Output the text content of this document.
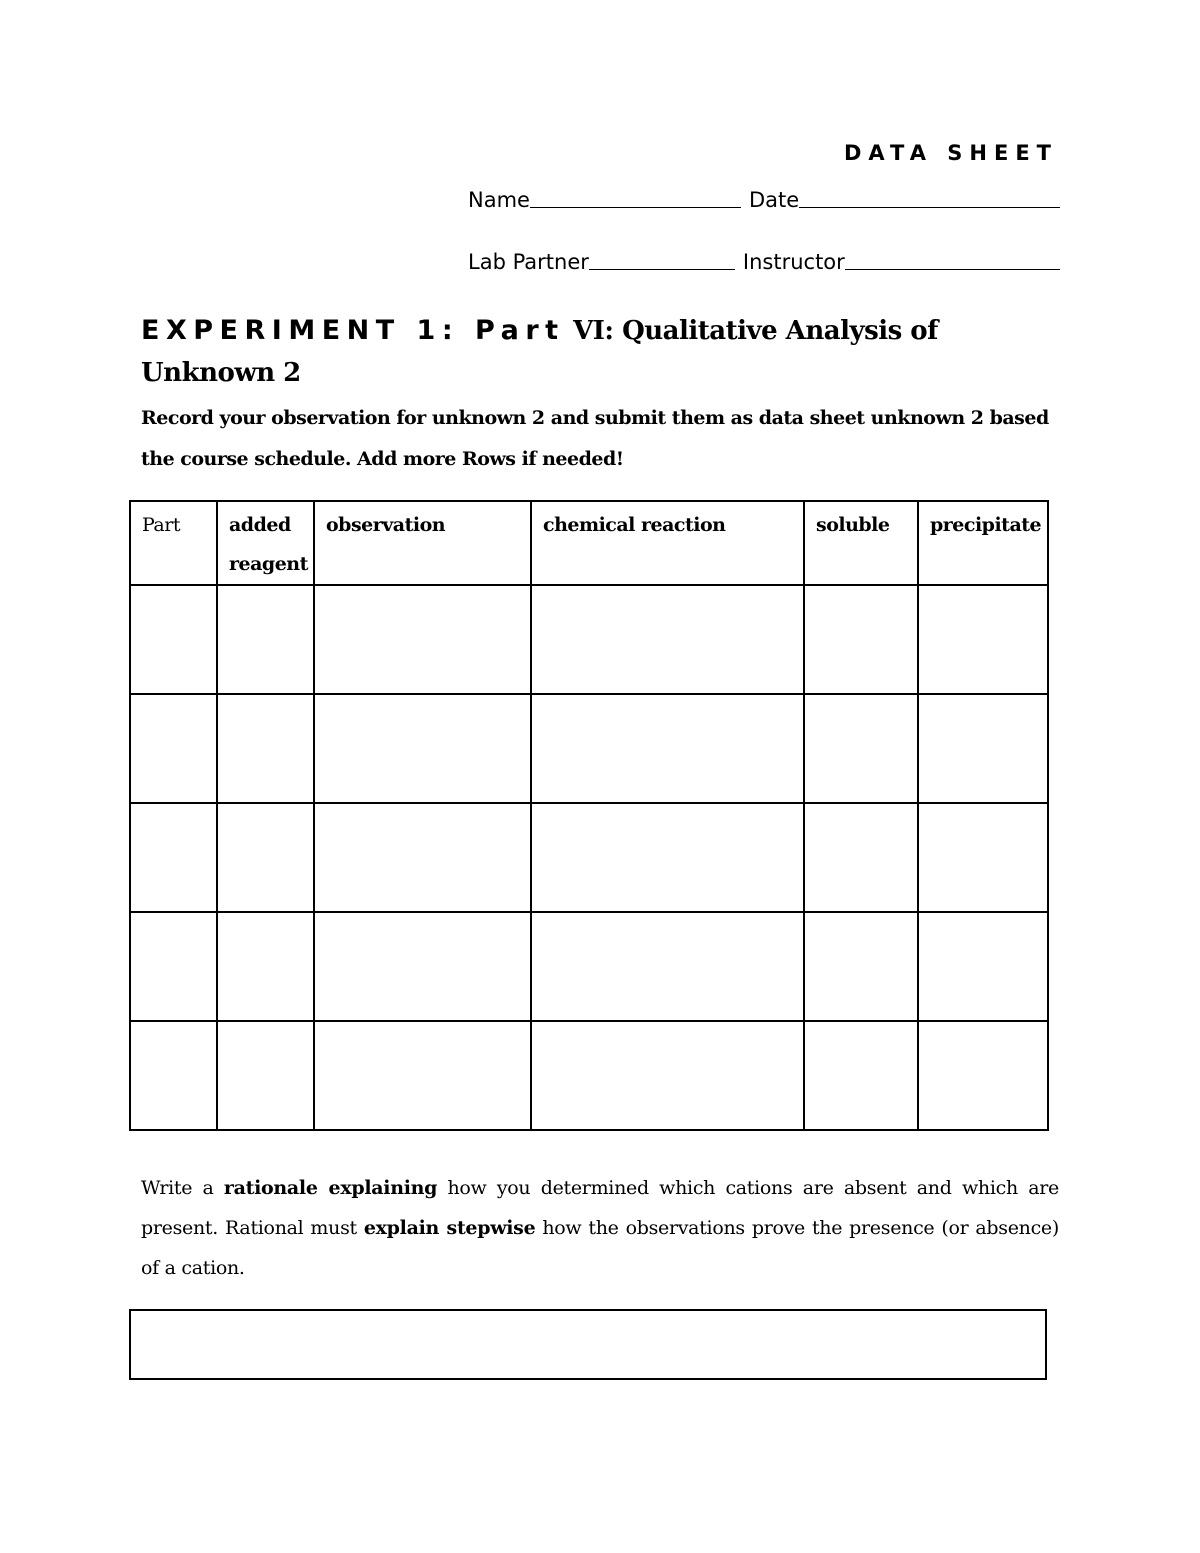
DATA SHEET
Name	Date
Lab Partner	Instructor
EXPERIMENT 1: Part VI: Qualitative Analysis of Unknown 2
Record your observation for unknown 2 and submit them as data sheet unknown 2 based the course schedule. Add more Rows if needed!
Part	added reagent	observation	chemical reaction	soluble	precipitate

Write a rationale explaining how you determined which cations are absent and which are present. Rational must explain stepwise how the observations prove the presence (or absence) of a cation.
